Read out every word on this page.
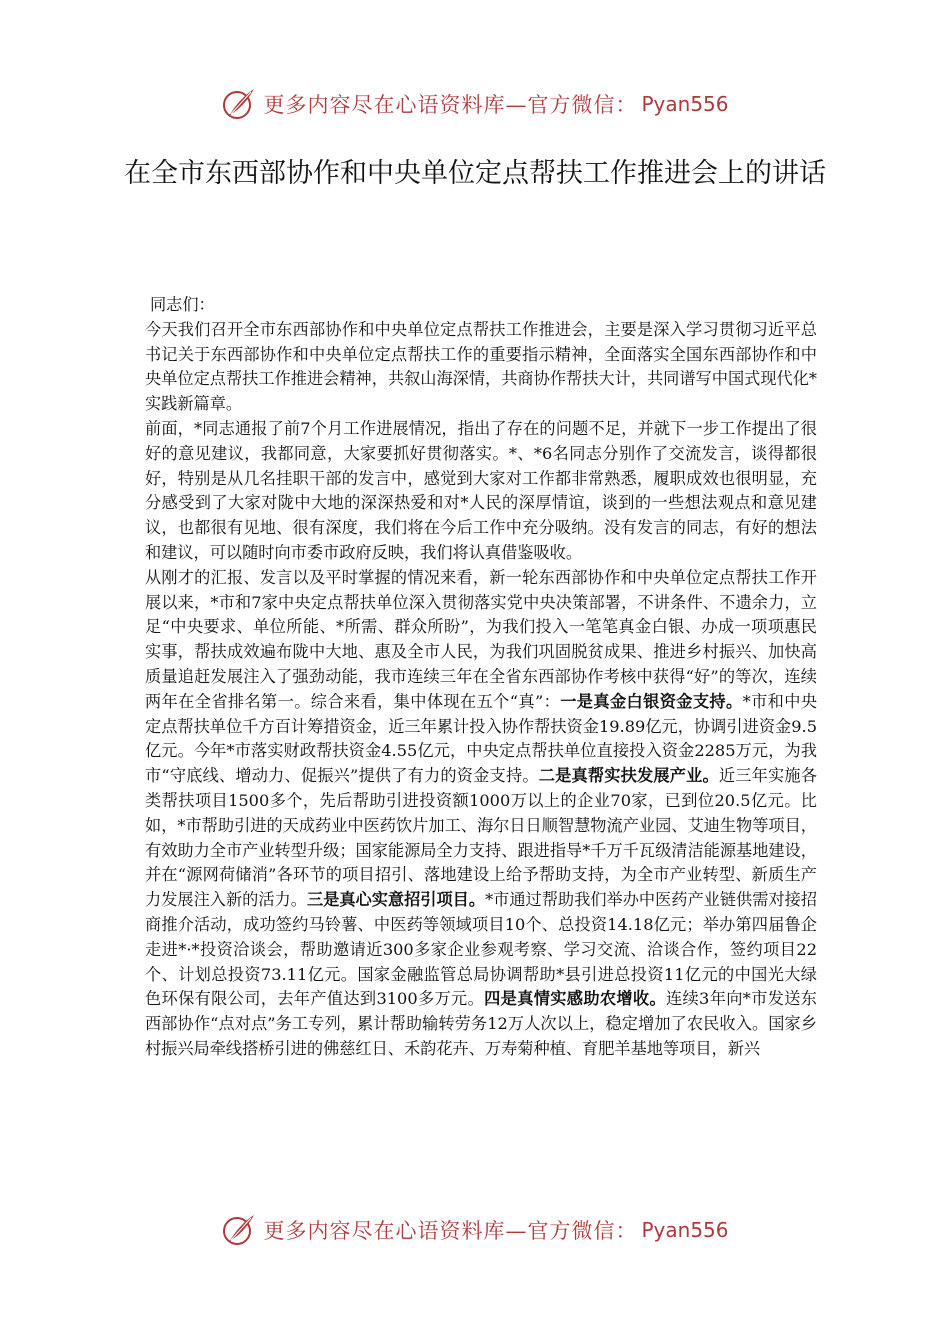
更多内容尽在心语资料库—官方微信： Pyan556
在全市东西部协作和中央单位定点帮扶工作推进会上的讲话

同志们：

今天我们召开全市东西部协作和中央单位定点帮扶工作推进会，主要是深入学习贯彻习近平总书记关于东西部协作和中央单位定点帮扶工作的重要指示精神，全面落实全国东西部协作和中央单位定点帮扶工作推进会精神，共叙山海深情，共商协作帮扶大计，共同谱写中国式现代化*实践新篇章。

前面，*同志通报了前7个月工作进展情况，指出了存在的问题不足，并就下一步工作提出了很好的意见建议，我都同意，大家要抓好贯彻落实。*、*6名同志分别作了交流发言，谈得都很好，特别是从几名挂职干部的发言中，感觉到大家对工作都非常熟悉，履职成效也很明显，充分感受到了大家对陇中大地的深深热爱和对*人民的深厚情谊，谈到的一些想法观点和意见建议，也都很有见地、很有深度，我们将在今后工作中充分吸纳。没有发言的同志，有好的想法和建议，可以随时向市委市政府反映，我们将认真借鉴吸收。

从刚才的汇报、发言以及平时掌握的情况来看，新一轮东西部协作和中央单位定点帮扶工作开展以来，*市和7家中央定点帮扶单位深入贯彻落实党中央决策部署，不讲条件、不遗余力，立足“中央要求、单位所能、*所需、群众所盼”，为我们投入一笔笔真金白银、办成一项项惠民实事，帮扶成效遍布陇中大地、惠及全市人民，为我们巩固脱贫成果、推进乡村振兴、加快高质量追赶发展注入了强劲动能，我市连续三年在全省东西部协作考核中获得“好”的等次，连续两年在全省排名第一。综合来看，集中体现在五个“真”：一是真金白银资金支持。*市和中央定点帮扶单位千方百计筹措资金，近三年累计投入协作帮扶资金19.89亿元，协调引进资金9.5亿元。今年*市落实财政帮扶资金4.55亿元，中央定点帮扶单位直接投入资金2285万元，为我市“守底线、增动力、促振兴”提供了有力的资金支持。二是真帮实扶发展产业。近三年实施各类帮扶项目1500多个，先后帮助引进投资额1000万以上的企业70家，已到位20.5亿元。比如，*市帮助引进的天成药业中医药饮片加工、海尔日日顺智慧物流产业园、艾迪生物等项目，有效助力全市产业转型升级；国家能源局全力支持、跟进指导*千万千瓦级清洁能源基地建设，并在“源网荷储消”各环节的项目招引、落地建设上给予帮助支持，为全市产业转型、新质生产力发展注入新的活力。三是真心实意招引项目。*市通过帮助我们举办中医药产业链供需对接招商推介活动，成功签约马铃薯、中医药等领域项目10个、总投资14.18亿元；举办第四届鲁企走进*·*投资洽谈会，帮助邀请近300多家企业参观考察、学习交流、洽谈合作，签约项目22个、计划总投资73.11亿元。国家金融监管总局协调帮助*县引进总投资11亿元的中国光大绿色环保有限公司，去年产值达到3100多万元。四是真情实感助农增收。连续3年向*市发送东西部协作“点对点”务工专列，累计帮助输转劳务12万人次以上，稳定增加了农民收入。国家乡村振兴局牵线搭桥引进的佛慈红日、禾韵花卉、万寿菊种植、育肥羊基地等项目，新兴

更多内容尽在心语资料库—官方微信： Pyan556
